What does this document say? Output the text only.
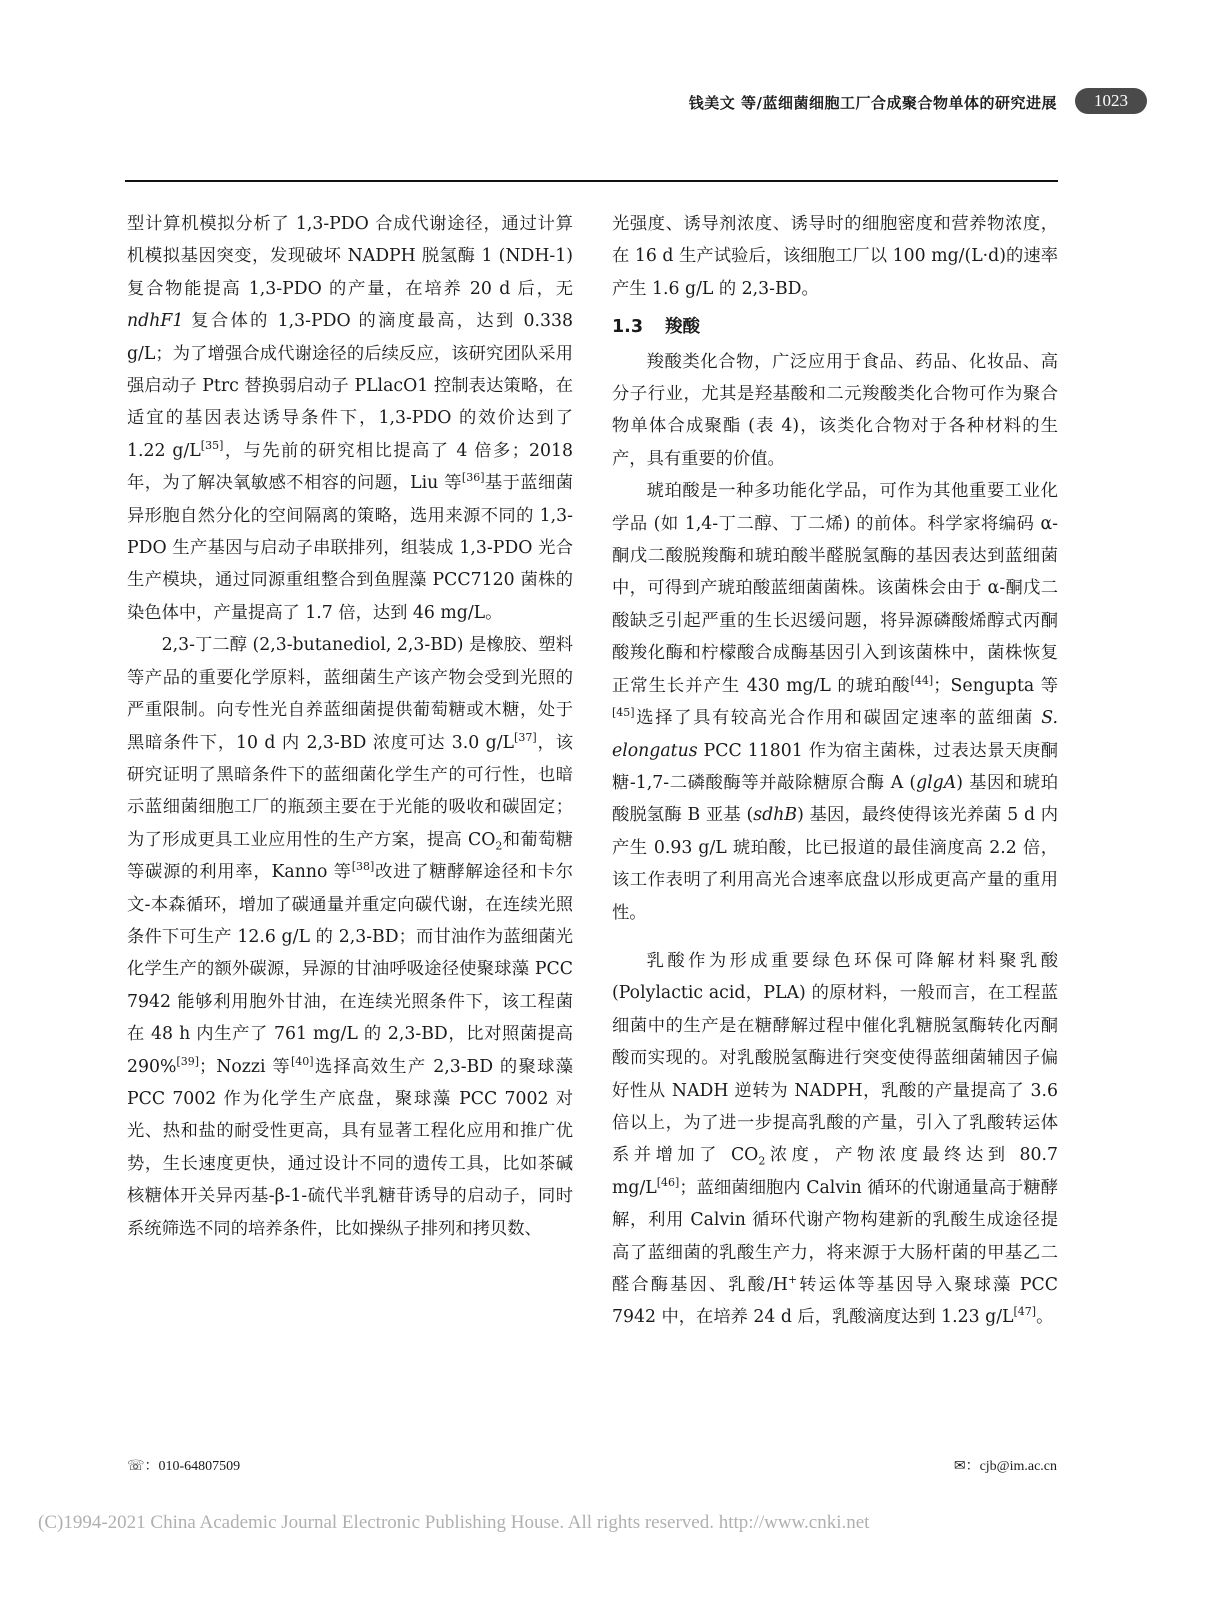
钱美文 等/蓝细菌细胞工厂合成聚合物单体的研究进展	1023

型计算机模拟分析了 1,3-PDO 合成代谢途径，通过计算机模拟基因突变，发现破坏 NADPH 脱氢酶 1 (NDH-1) 复合物能提高 1,3-PDO 的产量，在培养 20 d 后，无 ndhF1 复合体的 1,3-PDO 的滴度最高，达到 0.338 g/L；为了增强合成代谢途径的后续反应，该研究团队采用强启动子 Ptrc 替换弱启动子 PLlacO1 控制表达策略，在适宜的基因表达诱导条件下，1,3-PDO 的效价达到了 1.22 g/L[35]，与先前的研究相比提高了 4 倍多；2018 年，为了解决氧敏感不相容的问题，Liu 等[36]基于蓝细菌异形胞自然分化的空间隔离的策略，选用来源不同的 1,3-PDO 生产基因与启动子串联排列，组装成 1,3-PDO 光合生产模块，通过同源重组整合到鱼腥藻 PCC7120 菌株的染色体中，产量提高了 1.7 倍，达到 46 mg/L。

2,3-丁二醇 (2,3-butanediol, 2,3-BD) 是橡胶、塑料等产品的重要化学原料，蓝细菌生产该产物会受到光照的严重限制。向专性光自养蓝细菌提供葡萄糖或木糖，处于黑暗条件下，10 d 内 2,3-BD 浓度可达 3.0 g/L[37]，该研究证明了黑暗条件下的蓝细菌化学生产的可行性，也暗示蓝细菌细胞工厂的瓶颈主要在于光能的吸收和碳固定；为了形成更具工业应用性的生产方案，提高 $CO_2$和葡萄糖等碳源的利用率，Kanno 等[38]改进了糖酵解途径和卡尔文-本森循环，增加了碳通量并重定向碳代谢，在连续光照条件下可生产 12.6 g/L 的 2,3-BD；而甘油作为蓝细菌光化学生产的额外碳源，异源的甘油呼吸途径使聚球藻 PCC 7942 能够利用胞外甘油，在连续光照条件下，该工程菌在 48 h 内生产了 761 mg/L 的 2,3-BD，比对照菌提高 290%[39]；Nozzi 等[40]选择高效生产 2,3-BD 的聚球藻 PCC 7002 作为化学生产底盘，聚球藻 PCC 7002 对光、热和盐的耐受性更高，具有显著工程化应用和推广优势，生长速度更快，通过设计不同的遗传工具，比如茶碱核糖体开关异丙基-β-1-硫代半乳糖苷诱导的启动子，同时系统筛选不同的培养条件，比如操纵子排列和拷贝数、

光强度、诱导剂浓度、诱导时的细胞密度和营养物浓度，在 16 d 生产试验后，该细胞工厂以 100 mg/(L·d)的速率产生 1.6 g/L 的 2,3-BD。

1.3 羧酸

羧酸类化合物，广泛应用于食品、药品、化妆品、高分子行业，尤其是羟基酸和二元羧酸类化合物可作为聚合物单体合成聚酯 (表 4)，该类化合物对于各种材料的生产，具有重要的价值。

琥珀酸是一种多功能化学品，可作为其他重要工业化学品 (如 1,4-丁二醇、丁二烯) 的前体。科学家将编码 α-酮戊二酸脱羧酶和琥珀酸半醛脱氢酶的基因表达到蓝细菌中，可得到产琥珀酸蓝细菌菌株。该菌株会由于 α-酮戊二酸缺乏引起严重的生长迟缓问题，将异源磷酸烯醇式丙酮酸羧化酶和柠檬酸合成酶基因引入到该菌株中，菌株恢复正常生长并产生 430 mg/L 的琥珀酸[44]；Sengupta 等[45]选择了具有较高光合作用和碳固定速率的蓝细菌 S. elongatus PCC 11801 作为宿主菌株，过表达景天庚酮糖-1,7-二磷酸酶等并敲除糖原合酶 A (glgA) 基因和琥珀酸脱氢酶 B 亚基 (sdhB) 基因，最终使得该光养菌 5 d 内产生 0.93 g/L 琥珀酸，比已报道的最佳滴度高 2.2 倍，该工作表明了利用高光合速率底盘以形成更高产量的重用性。

乳酸作为形成重要绿色环保可降解材料聚乳酸 (Polylactic acid，PLA) 的原材料，一般而言，在工程蓝细菌中的生产是在糖酵解过程中催化乳糖脱氢酶转化丙酮酸而实现的。对乳酸脱氢酶进行突变使得蓝细菌辅因子偏好性从 NADH 逆转为 NADPH，乳酸的产量提高了 3.6 倍以上，为了进一步提高乳酸的产量，引入了乳酸转运体系并增加了 $CO_2$浓度，产物浓度最终达到 80.7 mg/L[46]；蓝细菌细胞内 Calvin 循环的代谢通量高于糖酵解，利用 Calvin 循环代谢产物构建新的乳酸生成途径提高了蓝细菌的乳酸生产力，将来源于大肠杆菌的甲基乙二醛合酶基因、乳酸/H+转运体等基因导入聚球藻 PCC 7942 中，在培养 24 d 后，乳酸滴度达到 1.23 g/L[47]。

☏：010-64807509	✉：cjb@im.ac.cn
(C)1994-2021 China Academic Journal Electronic Publishing House. All rights reserved. http://www.cnki.net
